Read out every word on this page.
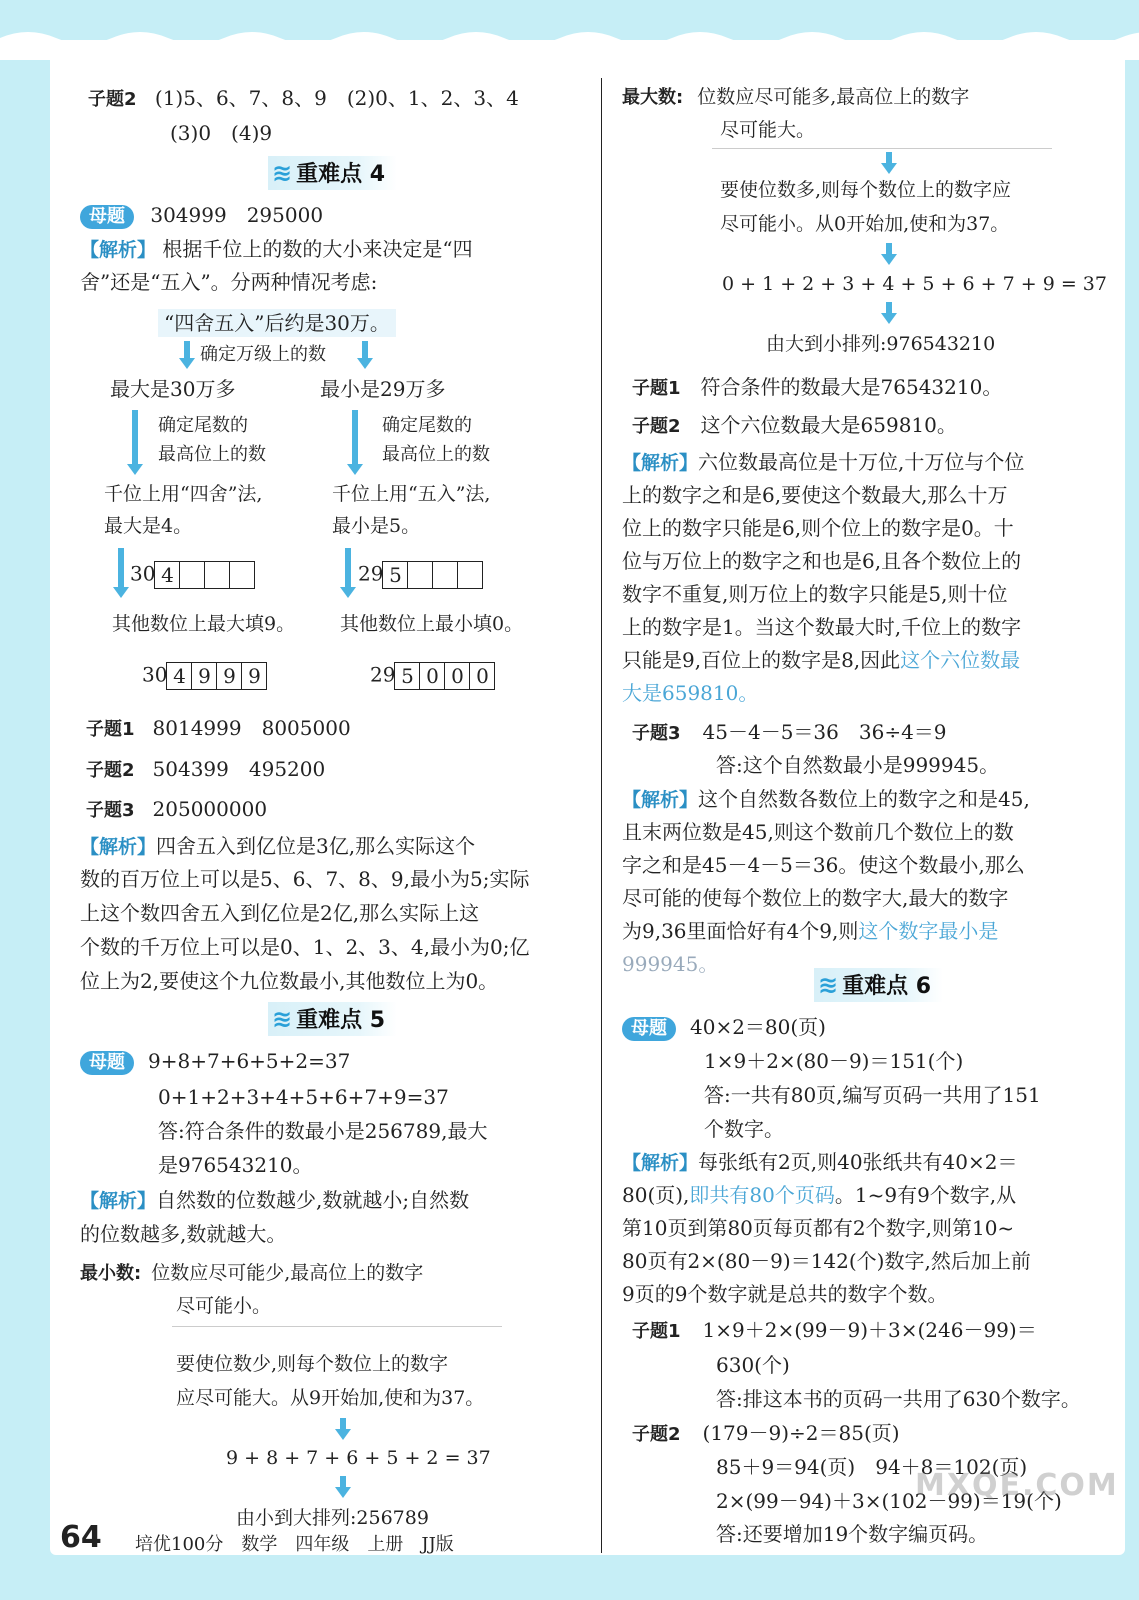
子题2 (1)5、6、7、8、9　(2)0、1、2、3、4
(3)0　(4)9
≋ 重难点 4
母题 304999　295000
【解析】 根据千位上的数的大小来决定是“四
舍”还是“五入”。分两种情况考虑:
“四舍五入”后约是30万。
确定万级上的数
最大是30万多	最小是29万多
确定尾数的
最高位上的数
确定尾数的
最高位上的数
千位上用“四舍”法,
最大是4。
千位上用“五入”法,
最小是5。
30 4	29 5
其他数位上最大填9。 其他数位上最小填0。
30 4 9 9 9	29 5 0 0 0
子题1 8014999　8005000
子题2 504399　495200
子题3 205000000
【解析】四舍五入到亿位是3亿,那么实际这个
数的百万位上可以是5、6、7、8、9,最小为5;实际
上这个数四舍五入到亿位是2亿,那么实际上这
个数的千万位上可以是0、1、2、3、4,最小为0;亿
位上为2,要使这个九位数最小,其他数位上为0。
≋ 重难点 5
母题 9+8+7+6+5+2=37
0+1+2+3+4+5+6+7+9=37
答:符合条件的数最小是256789,最大
是976543210。
【解析】自然数的位数越少,数就越小;自然数
的位数越多,数就越大。
最小数: 位数应尽可能少,最高位上的数字
尽可能小。
要使位数少,则每个数位上的数字
应尽可能大。从9开始加,使和为37。
9 + 8 + 7 + 6 + 5 + 2 = 37
由小到大排列:256789
最大数: 位数应尽可能多,最高位上的数字
尽可能大。
要使位数多,则每个数位上的数字应
尽可能小。从0开始加,使和为37。
0 + 1 + 2 + 3 + 4 + 5 + 6 + 7 + 9 = 37
由大到小排列:976543210
子题1 符合条件的数最大是76543210。
子题2 这个六位数最大是659810。
【解析】六位数最高位是十万位,十万位与个位
上的数字之和是6,要使这个数最大,那么十万
位上的数字只能是6,则个位上的数字是0。十
位与万位上的数字之和也是6,且各个数位上的
数字不重复,则万位上的数字只能是5,则十位
上的数字是1。当这个数最大时,千位上的数字
只能是9,百位上的数字是8,因此这个六位数最
大是659810。
子题3 45－4－5＝36　36÷4＝9
答:这个自然数最小是999945。
【解析】这个自然数各数位上的数字之和是45,
且末两位数是45,则这个数前几个数位上的数
字之和是45－4－5＝36。使这个数最小,那么
尽可能的使每个数位上的数字大,最大的数字
为9,36里面恰好有4个9,则这个数字最小是
999945。
≋ 重难点 6
母题 40×2＝80(页)
1×9＋2×(80－9)＝151(个)
答:一共有80页,编写页码一共用了151
个数字。
【解析】每张纸有2页,则40张纸共有40×2＝
80(页),即共有80个页码。1~9有9个数字,从
第10页到第80页每页都有2个数字,则第10~
80页有2×(80－9)＝142(个)数字,然后加上前
9页的9个数字就是总共的数字个数。
子题1 1×9＋2×(99－9)＋3×(246－99)＝
630(个)
答:排这本书的页码一共用了630个数字。
子题2 (179－9)÷2＝85(页)
85＋9＝94(页)　94＋8＝102(页)
2×(99－94)＋3×(102－99)＝19(个)
答:还要增加19个数字编页码。
MXQE.COM
64 培优100分　数学　四年级　上册　JJ版
